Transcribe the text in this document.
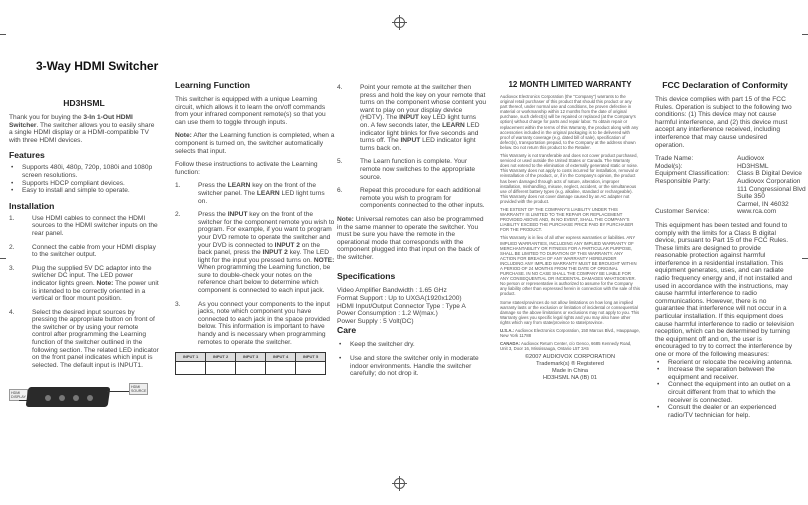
3-Way HDMI Switcher
HD3HSML

Thank you for buying the 3-In 1-Out HDMI Switcher. The switcher allows you to easily share a single HDMI display or a HDMI-compatible TV with three HDMI devices.

Features
• Supports 480i, 480p, 720p, 1080i and 1080p screen resolutions.
• Supports HDCP compliant devices.
• Easy to install and simple to operate.
Installation
1.	Use HDMI cables to connect the HDMI sources to the HDMI switcher inputs on the rear panel.
2.	Connect the cable from your HDMI display to the switcher output.
3.	Plug the supplied 5V DC adaptor into the switcher DC input. The LED power indicator lights green. Note: The power unit is intended to be correctly oriented in a vertical or floor mount position.
4.	Select the desired input sources by pressing the appropriate button on front of the switcher or by using your remote control after programming the Learning function of the switcher outlined in the following section. The related LED indicator on the front panel indicates which input is selected. The default input is INPUT1.
HDMI
DISPLAY
HDMI
SOURCE
Learning Function

This switcher is equipped with a unique Learning circuit, which allows it to learn the on/off commands from your infrared component remote(s) so that you can use them to toggle through inputs.

Note: After the Learning function is completed, when a component is turned on, the switcher automatically selects that input.

Follow these instructions to activate the Learning function:

1.	Press the LEARN key on the front of the switcher panel. The LEARN LED light turns on.
2.	Press the INPUT key on the front of the switcher for the component remote you wish to program. For example, if you want to program your DVD remote to operate the switcher and your DVD is connected to INPUT 2 on the back panel, press the INPUT 2 key. The LED light for the input you pressed turns on. NOTE: When programming the Learning function, be sure to double-check your notes on the reference chart below to determine which component is connected to each input jack.
3.	As you connect your components to the input jacks, note which component you have connected to each jack in the space provided below. This information is important to have handy and is necessary when programming remotes to operate the switcher.
INPUT 1	INPUT 2	INPUT 3	INPUT 4	INPUT 5

4.	Point your remote at the switcher then press and hold the key on your remote that turns on the component whose content you want to play on your display device (HDTV). The INPUT key LED light turns on. A few seconds later, the LEARN LED indicator light blinks for five seconds and turns off. The INPUT LED indicator light turns back on.
5.	The Learn function is complete. Your remote now switches to the appropriate source.
6.	Repeat this procedure for each additional remote you wish to program for components connected to the other inputs.

Note: Universal remotes can also be programmed in the same manner to operate the switcher. You must be sure you have the remote in the operational mode that corresponds with the component plugged into that input on the back of the switcher.

Specifications

Video Amplifier Bandwidth : 1.65 GHz

Format Support : Up to UXGA(1920x1200)

HDMI Input/Output Connector Type : Type A

Power Consumption : 1.2 W(max.)

Power Supply : 5 Volt(DC)

Care
• Keep the switcher dry.
• Use and store the switcher only in moderate indoor environments. Handle the switcher carefully; do not drop it.
12 MONTH LIMITED WARRANTY

Audiovox Electronics Corporation (the "Company") warrants to the original retail purchaser of this product that should this product or any part thereof, under normal use and conditions, be proven defective in material or workmanship within 12 months from the date of original purchase, such defect(s) will be repaired or replaced (at the Company's option) without charge for parts and repair labor. To obtain repair or replacement within the terms of this Warranty, the product along with any accessories included in the original packaging is to be delivered with proof of warranty coverage (e.g. dated bill of sale), specification of defect(s), transportation prepaid, to the Company at the address shown below. Do not return this product to the Retailer.

This Warranty is not transferable and does not cover product purchased, serviced or used outside the United States or Canada. The Warranty does not extend to the elimination of externally generated static or noise. This Warranty does not apply to costs incurred for installation, removal or reinstallation of the product, or, if in the Company's opinion, the product has been damaged through acts of nature, alteration, improper installation, mishandling, misuse, neglect, accident, or the simultaneous use of different battery types (e.g. alkaline, standard or rechargeable). This Warranty does not cover damage caused by an AC adapter not provided with the product.

THE EXTENT OF THE COMPANY'S LIABILITY UNDER THIS WARRANTY IS LIMITED TO THE REPAIR OR REPLACEMENT PROVIDED ABOVE AND, IN NO EVENT, SHALL THE COMPANY'S LIABILITY EXCEED THE PURCHASE PRICE PAID BY PURCHASER FOR THE PRODUCT.

This Warranty is in lieu of all other express warranties or liabilities. ANY IMPLIED WARRANTIES, INCLUDING ANY IMPLIED WARRANTY OF MERCHANTABILITY OR FITNESS FOR A PARTICULAR PURPOSE, SHALL BE LIMITED TO DURATION OF THIS WARRANTY. ANY ACTION FOR BREACH OF ANY WARRANTY HEREUNDER INCLUDING ANY IMPLIED WARRANTY MUST BE BROUGHT WITHIN A PERIOD OF 24 MONTHS FROM THE DATE OF ORIGINAL PURCHASE. IN NO CASE SHALL THE COMPANY BE LIABLE FOR ANY CONSEQUENTIAL OR INCIDENTAL DAMAGES WHATSOEVER. No person or representative is authorized to assume for the Company any liability other than expressed herein in connection with the sale of this product.

Some states/provinces do not allow limitations on how long an implied warranty lasts or the exclusion or limitation of incidental or consequential damage so the above limitations or exclusions may not apply to you. This Warranty gives you specific legal rights and you may also have other rights which vary from state/province to state/province.

U.S.A.: Audiovox Electronics Corporation, 150 Marcus Blvd., Hauppauge, New York 11788

CANADA: Audiovox Return Center, c/o Genco, 6685 Kennedy Road, Unit 3, Door 16, Mississauga, Ontario L5T 3A5

©2007 AUDIOVOX CORPORATION
Trademark(s) ® Registered
Made in China
HD3HSML NA (IB) 01
FCC Declaration of Conformity

This device complies with part 15 of the FCC Rules. Operation is subject to the following two conditions: (1) This device may not cause harmful interference, and (2) this device must accept any interference received, including interference that may cause undesired operation.

Trade Name:	Audiovox
Model(s):	HD3HSML
Equipment Classification:	Class B Digital Device
Responsible Party:	Audiovox Corporation
111 Congressional Blvd
Suite 350
Carmel, IN 46032
Customer Service:	www.rca.com

This equipment has been tested and found to comply with the limits for a Class B digital device, pursuant to Part 15 of the FCC Rules. These limits are designed to provide reasonable protection against harmful interference in a residential installation. This equipment generates, uses, and can radiate radio frequency energy and, if not installed and used in accordance with the instructions, may cause harmful interference to radio communications. However, there is no guarantee that interference will not occur in a particular installation. If this equipment does cause harmful interference to radio or television reception, which can be determined by turning the equipment off and on, the user is encouraged to try to correct the interference by one or more of the following measures:

• Reorient or relocate the receiving antenna.
• Increase the separation between the equipment and receiver.
• Connect the equipment into an outlet on a circuit different from that to which the receiver is connected.
• Consult the dealer or an experienced radio/TV technician for help.
